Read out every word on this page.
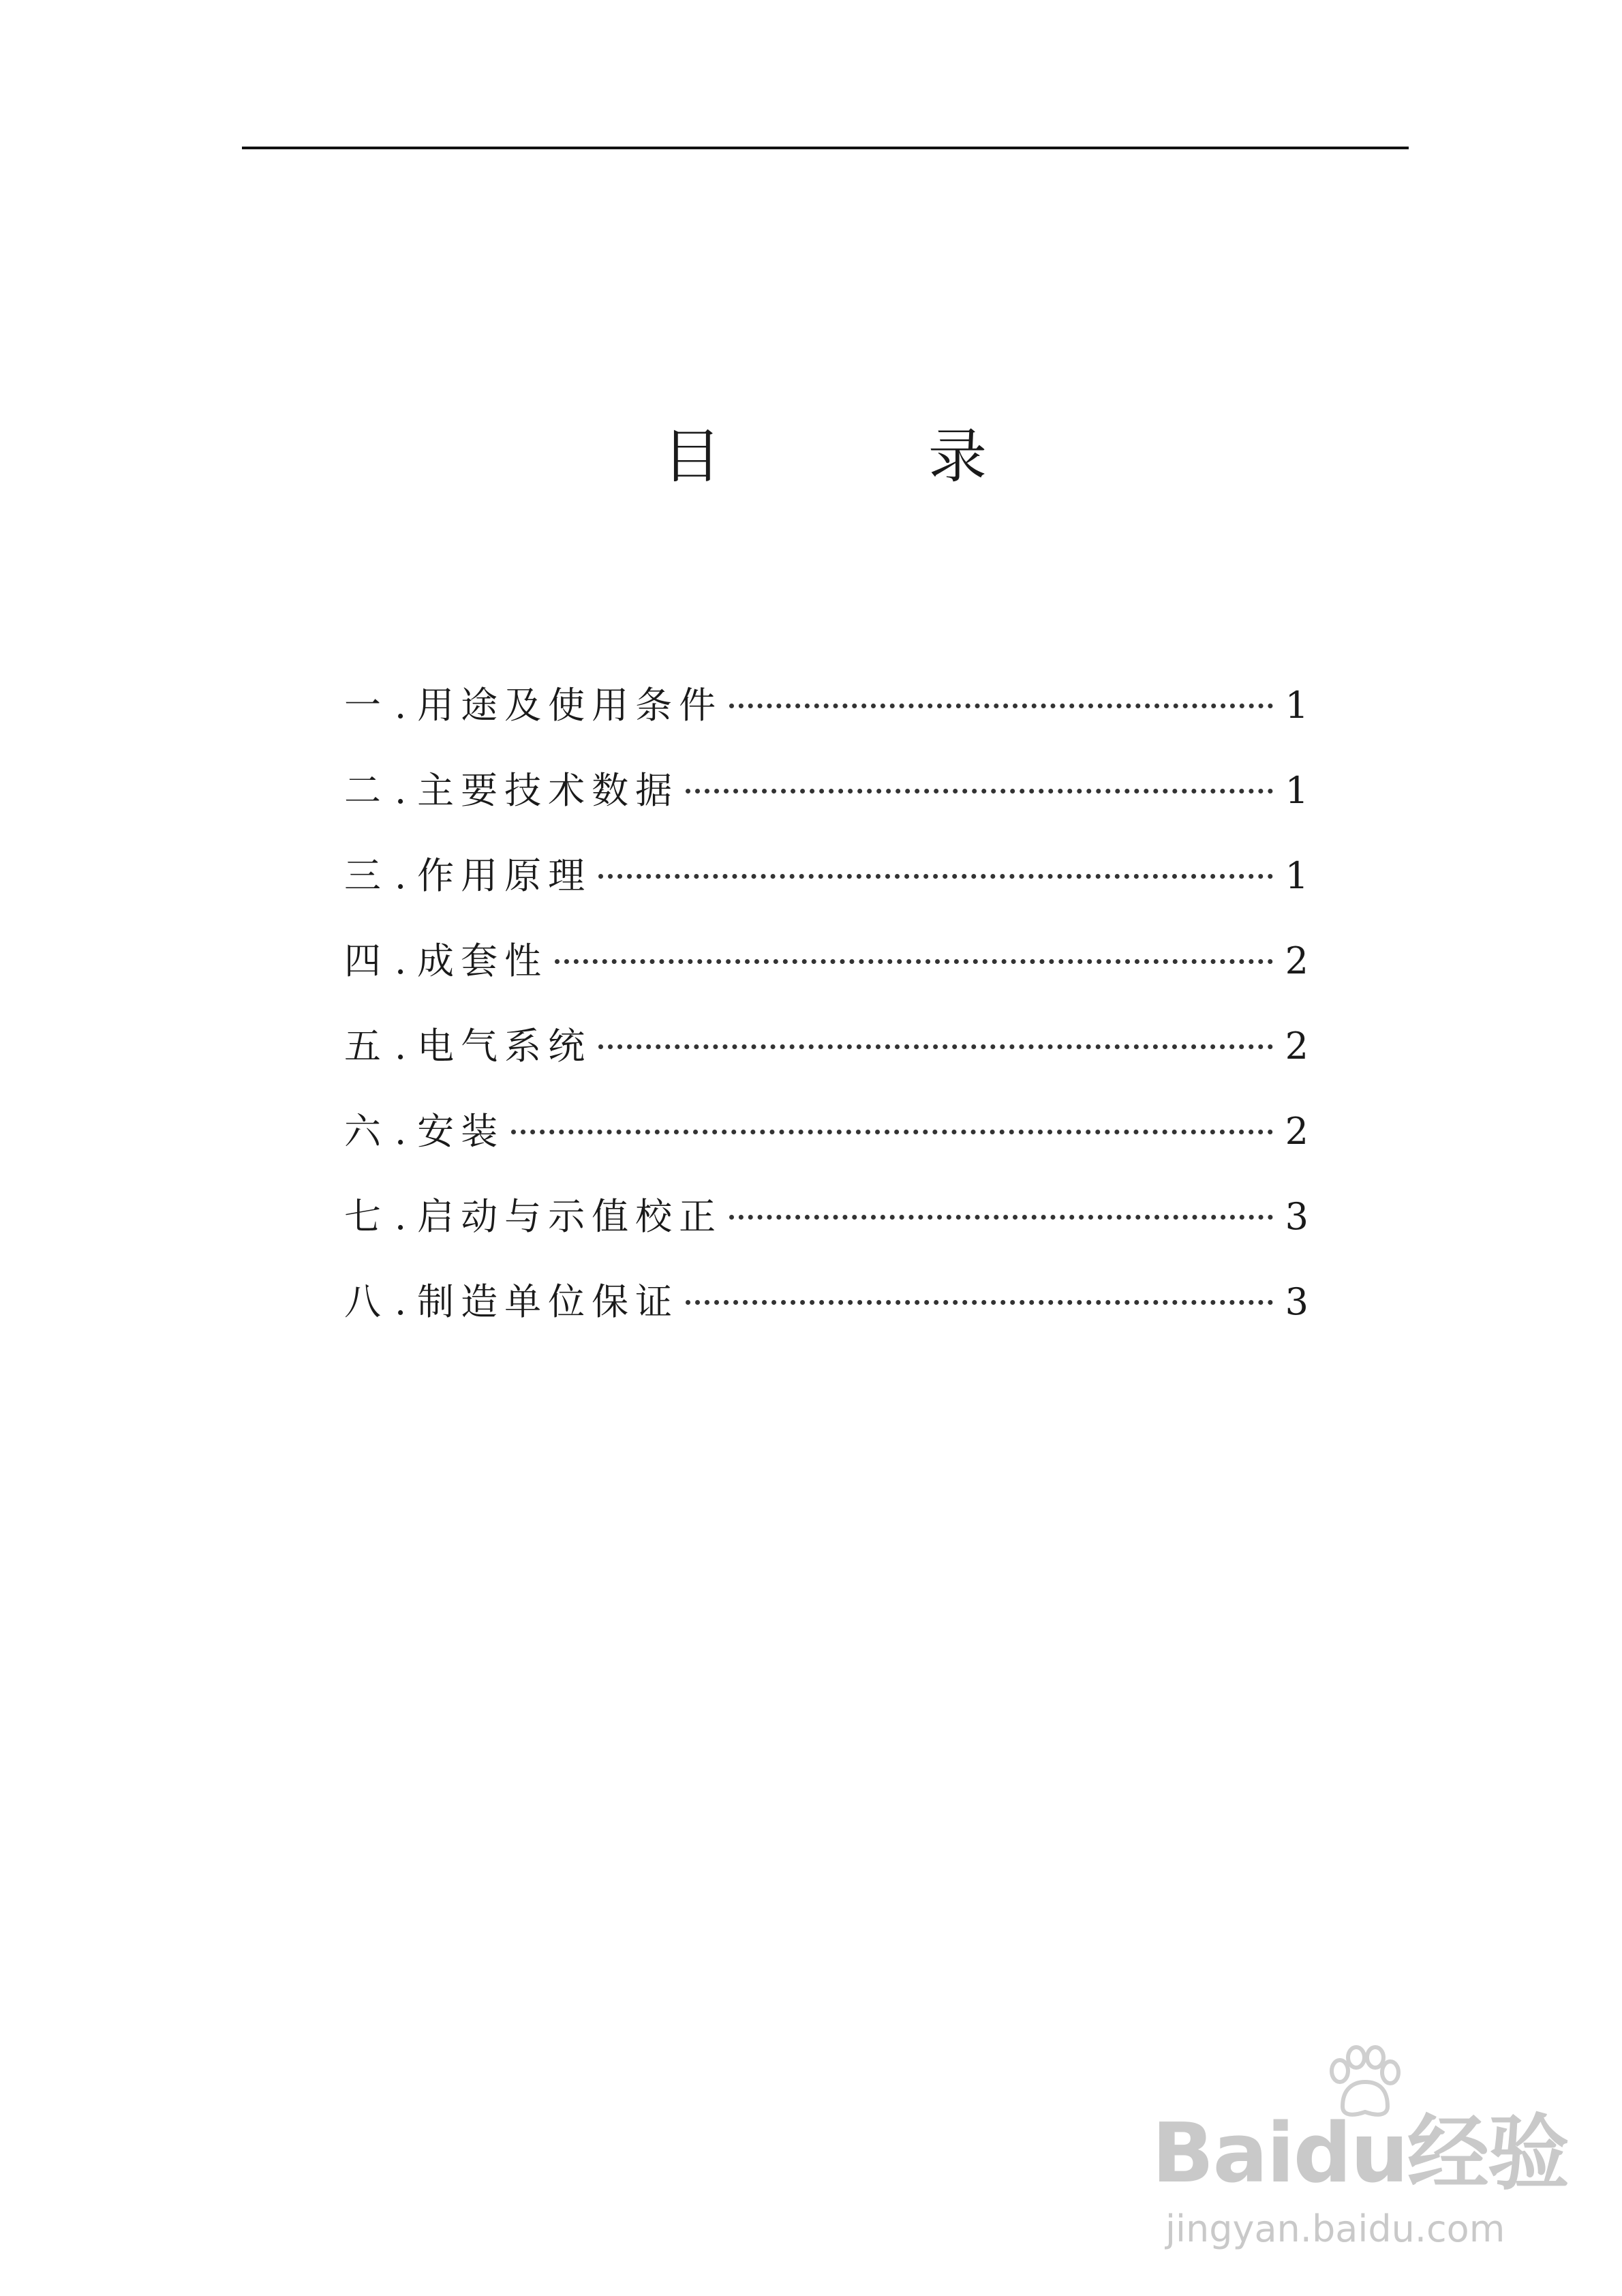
目	录
一 . 用途及使用条件	1
二 . 主要技术数据	1
三 . 作用原理	1
四 . 成套性	2
五 . 电气系统	2
六 . 安装	2
七 . 启动与示值校正	3
八 . 制造单位保证	3
Baidu经验
jingyan.baidu.com
